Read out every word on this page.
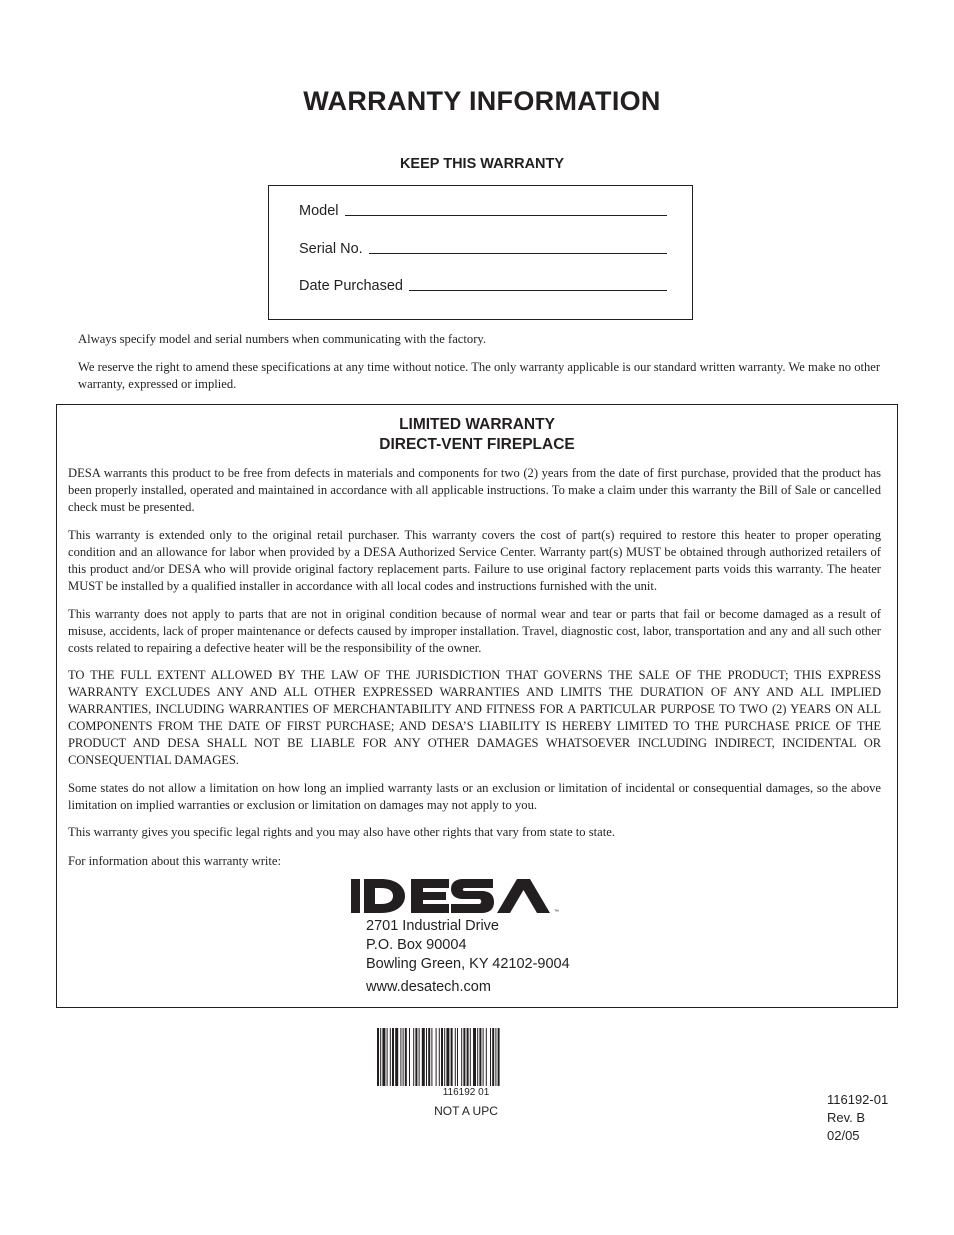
WARRANTY INFORMATION
KEEP THIS WARRANTY
Model
Serial No.
Date Purchased
Always specify model and serial numbers when communicating with the factory.
We reserve the right to amend these specifications at any time without notice. The only warranty applicable is our standard written warranty. We make no other warranty, expressed or implied.
LIMITED WARRANTY
DIRECT-VENT FIREPLACE

DESA warrants this product to be free from defects in materials and components for two (2) years from the date of first purchase, provided that the product has been properly installed, operated and maintained in accordance with all applicable instructions. To make a claim under this warranty the Bill of Sale or cancelled check must be presented.

This warranty is extended only to the original retail purchaser. This warranty covers the cost of part(s) required to restore this heater to proper operating condition and an allowance for labor when provided by a DESA Authorized Service Center. Warranty part(s) MUST be obtained through authorized retailers of this product and/or DESA who will provide original factory replacement parts. Failure to use original factory replacement parts voids this warranty. The heater MUST be installed by a qualified installer in accordance with all local codes and instructions furnished with the unit.

This warranty does not apply to parts that are not in original condition because of normal wear and tear or parts that fail or become damaged as a result of misuse, accidents, lack of proper maintenance or defects caused by improper installation. Travel, diagnostic cost, labor, transportation and any and all such other costs related to repairing a defective heater will be the responsibility of the owner.

TO THE FULL EXTENT ALLOWED BY THE LAW OF THE JURISDICTION THAT GOVERNS THE SALE OF THE PRODUCT; THIS EXPRESS WARRANTY EXCLUDES ANY AND ALL OTHER EXPRESSED WARRANTIES AND LIMITS THE DURATION OF ANY AND ALL IMPLIED WARRANTIES, INCLUDING WARRANTIES OF MERCHANTABILITY AND FITNESS FOR A PARTICULAR PURPOSE TO TWO (2) YEARS ON ALL COMPONENTS FROM THE DATE OF FIRST PURCHASE; AND DESA’S LIABILITY IS HEREBY LIMITED TO THE PURCHASE PRICE OF THE PRODUCT AND DESA SHALL NOT BE LIABLE FOR ANY OTHER DAMAGES WHATSOEVER INCLUDING INDIRECT, INCIDENTAL OR CONSEQUENTIAL DAMAGES.

Some states do not allow a limitation on how long an implied warranty lasts or an exclusion or limitation of incidental or consequential damages, so the above limitation on implied warranties or exclusion or limitation on damages may not apply to you.

This warranty gives you specific legal rights and you may also have other rights that vary from state to state.

For information about this warranty write:

™
2701 Industrial Drive
P.O. Box 90004
Bowling Green, KY 42102-9004
www.desatech.com
116192 01
NOT A UPC
116192-01
Rev. B
02/05
